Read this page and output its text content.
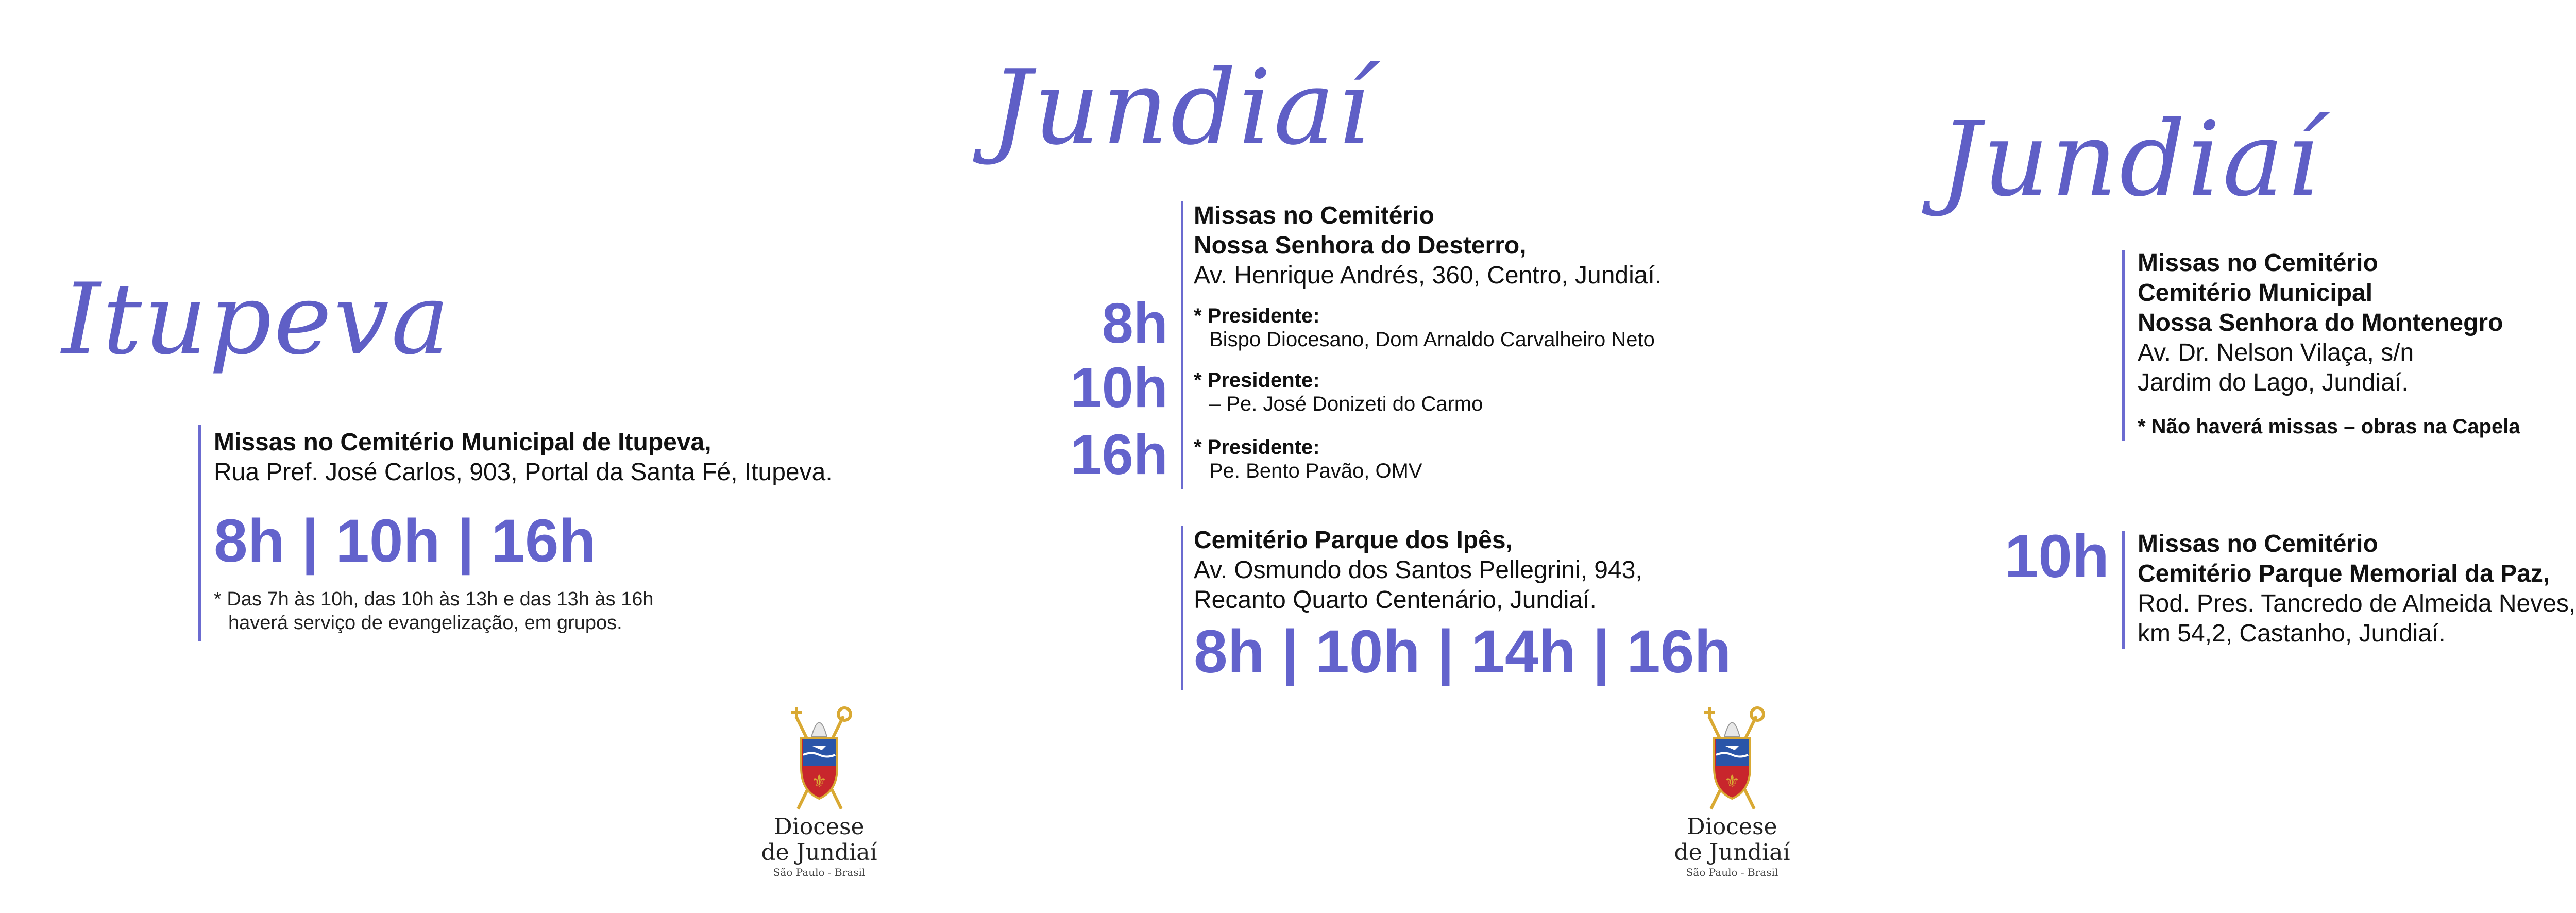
Itupeva
Missas no Cemitério Municipal de Itupeva,
Rua Pref. José Carlos, 903, Portal da Santa Fé, Itupeva.
8h | 10h | 16h
* Das 7h às 10h, das 10h às 13h e das 13h às 16h
haverá serviço de evangelização, em grupos.
⚜
Diocese
de Jundiaí
São Paulo - Brasil
Jundiaí
Missas no Cemitério
Nossa Senhora do Desterro,
Av. Henrique Andrés, 360, Centro, Jundiaí.
8h * Presidente:
Bispo Diocesano, Dom Arnaldo Carvalheiro Neto
10h * Presidente:
– Pe. José Donizeti do Carmo
16h * Presidente:
Pe. Bento Pavão, OMV
Cemitério Parque dos Ipês,
Av. Osmundo dos Santos Pellegrini, 943,
Recanto Quarto Centenário, Jundiaí.
8h | 10h | 14h | 16h
⚜
Diocese
de Jundiaí
São Paulo - Brasil
Jundiaí
Missas no Cemitério
Cemitério Municipal
Nossa Senhora do Montenegro
Av. Dr. Nelson Vilaça, s/n
Jardim do Lago, Jundiaí.
* Não haverá missas – obras na Capela
10h Missas no Cemitério
Cemitério Parque Memorial da Paz,
Rod. Pres. Tancredo de Almeida Neves,
km 54,2, Castanho, Jundiaí.
